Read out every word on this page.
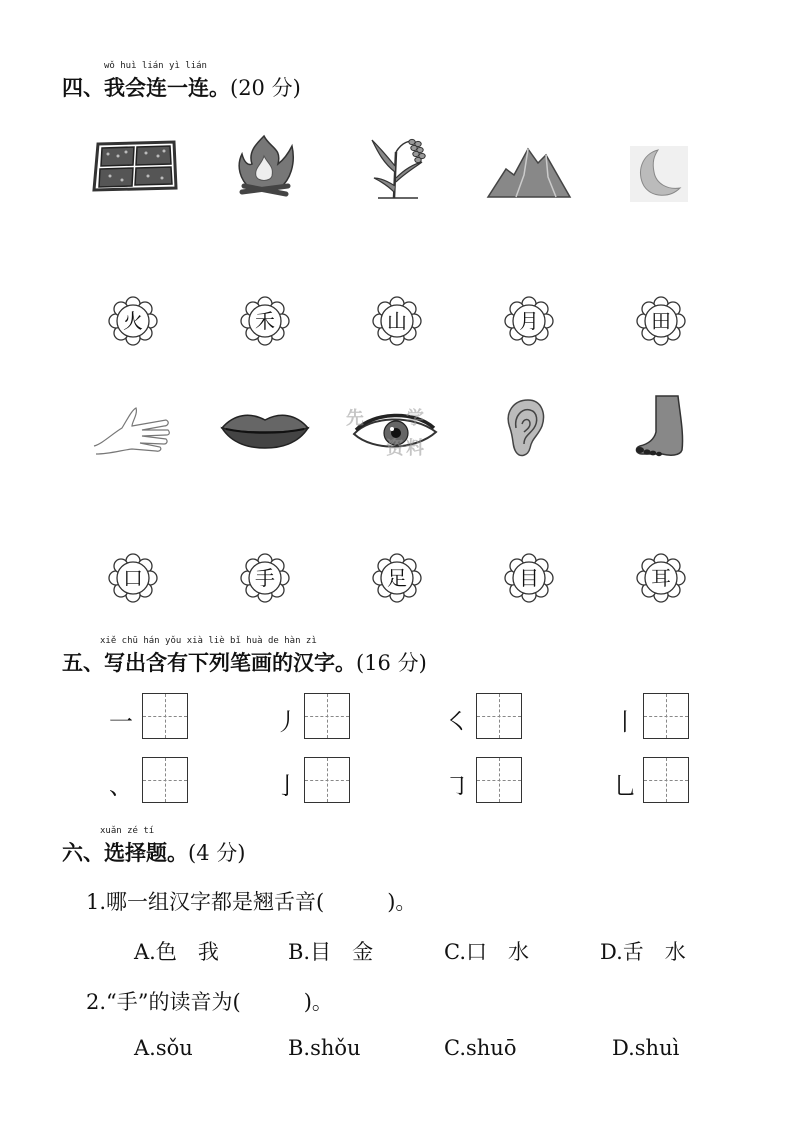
wǒ huì lián yì lián
四、我会连一连。(20 分)
火	禾	山	月	田
先 学
资料
口	手	足	目	耳
xiě chū hán yǒu xià liè bǐ huà de hàn zì
五、写出含有下列笔画的汉字。(16 分)
一	丿	㇛	丨
、	亅	㇆	乚
xuǎn zé tí
六、选择题。(4 分)
1.哪一组汉字都是翘舌音(　　　)。
A.色　我	B.目　金	C.口　水	D.舌　水
2.“手”的读音为(　　　)。
A.sǒu	B.shǒu	C.shuō	D.shuì
